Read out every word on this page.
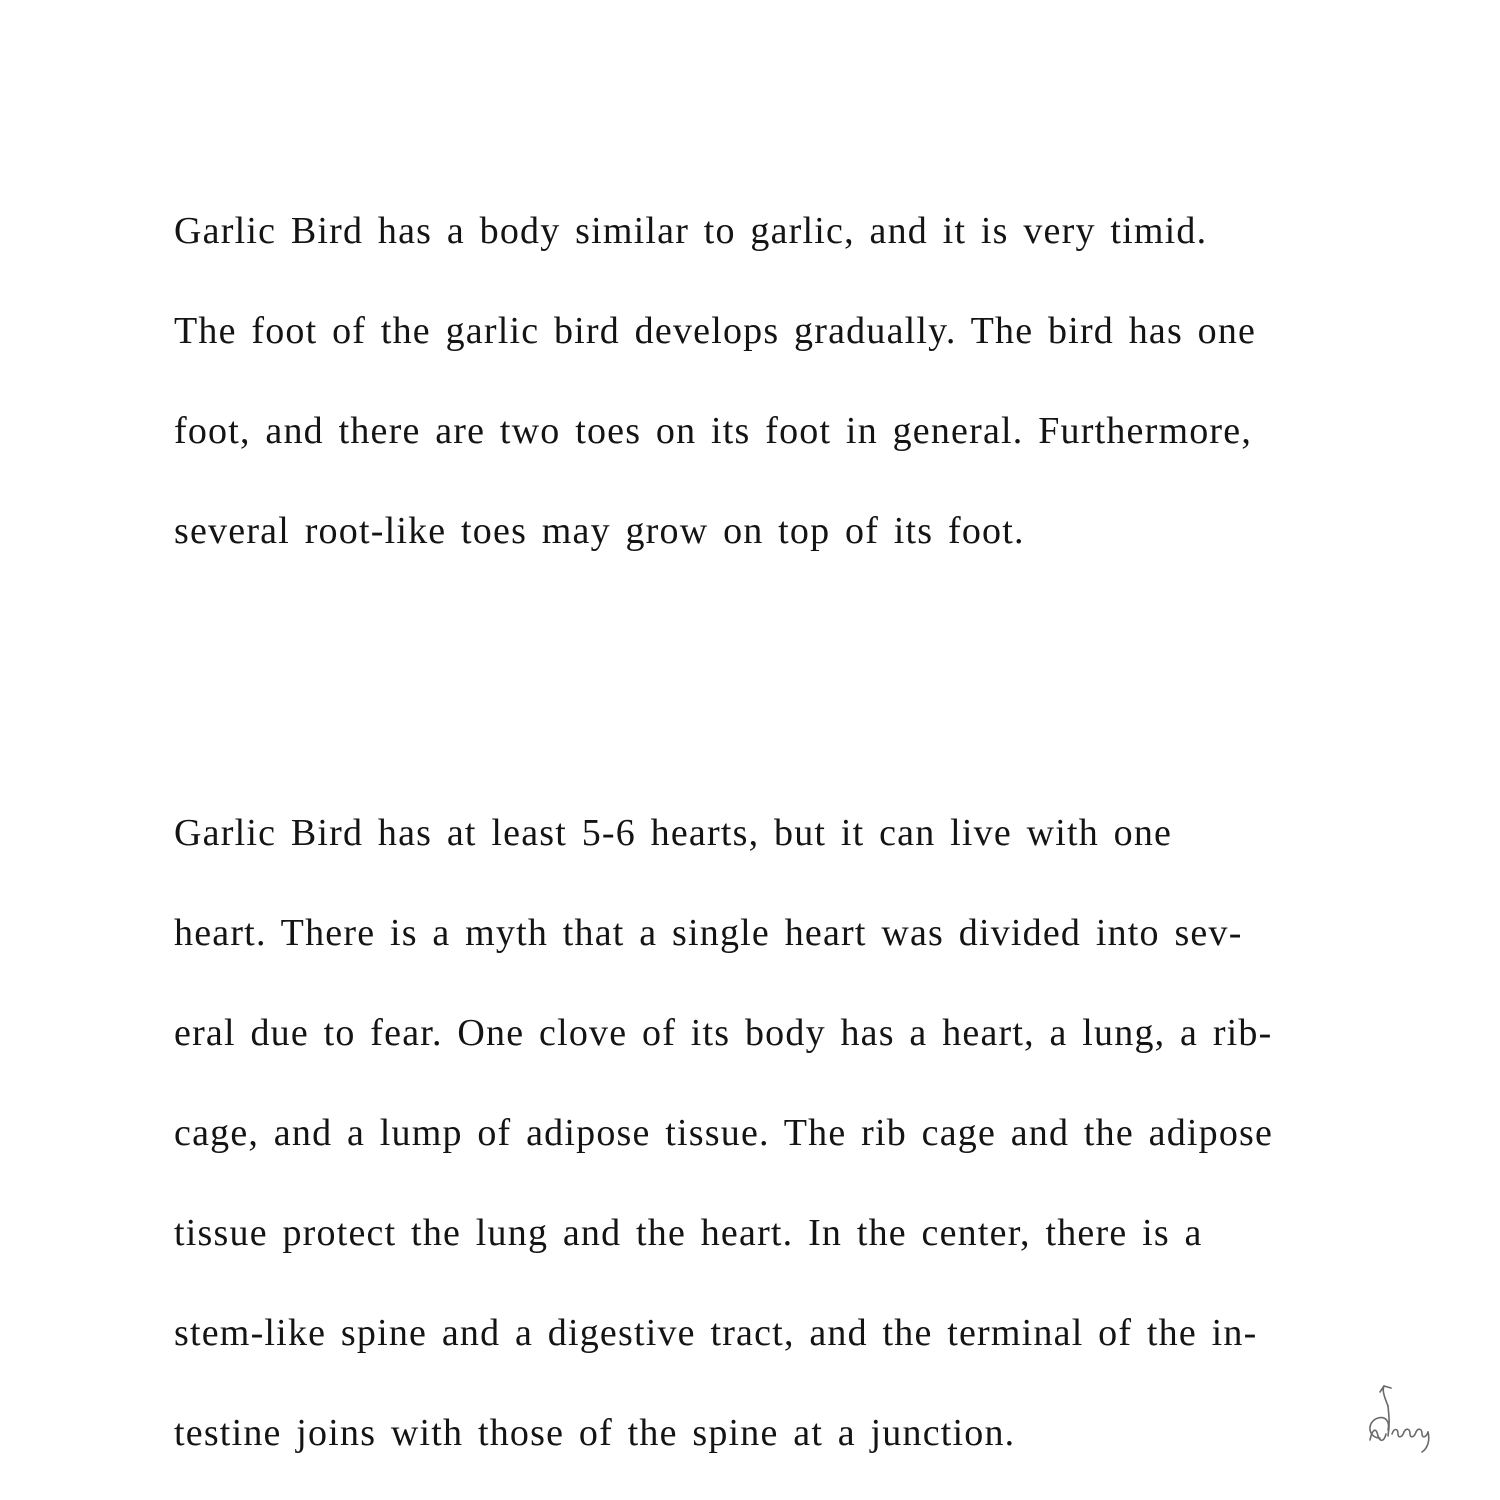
Garlic Bird has a body similar to garlic, and it is very timid.

The foot of the garlic bird develops gradually. The bird has one

foot, and there are two toes on its foot in general. Furthermore,

several root-like toes may grow on top of its foot.

Garlic Bird has at least 5-6 hearts, but it can live with one

heart. There is a myth that a single heart was divided into sev-

eral due to fear. One clove of its body has a heart, a lung, a rib-

cage, and a lump of adipose tissue. The rib cage and the adipose

tissue protect the lung and the heart. In the center, there is a

stem-like spine and a digestive tract, and the terminal of the in-

testine joins with those of the spine at a junction.
